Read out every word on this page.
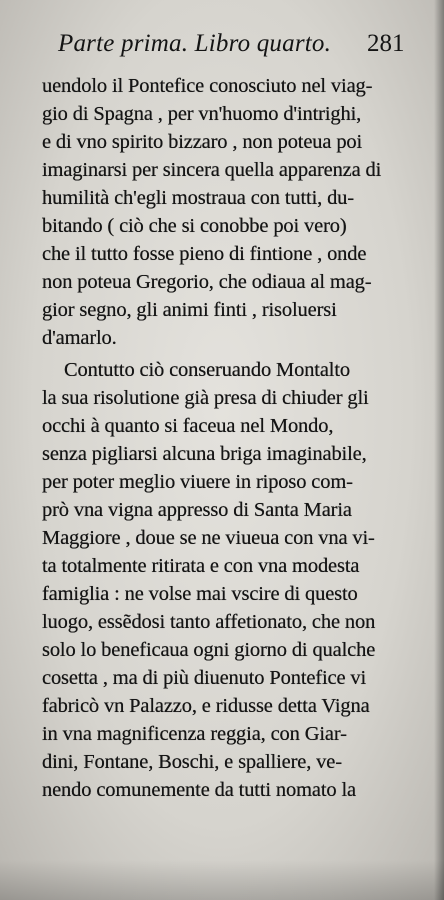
Parte prima. Libro quarto.	281
uendolo il Pontefice conosciuto nel viag-
gio di Spagna , per vn'huomo d'intrighi,
e di vno spirito bizzaro , non poteua poi
imaginarsi per sincera quella apparenza di
humilità ch'egli mostraua con tutti, du-
bitando ( ciò che si conobbe poi vero)
che il tutto fosse pieno di fintione , onde
non poteua Gregorio, che odiaua al mag-
gior segno, gli animi finti , risoluersi
d'amarlo.
Contutto ciò conseruando Montalto
la sua risolutione già presa di chiuder gli
occhi à quanto si faceua nel Mondo,
senza pigliarsi alcuna briga imaginabile,
per poter meglio viuere in riposo com-
prò vna vigna appresso di Santa Maria
Maggiore , doue se ne viueua con vna vi-
ta totalmente ritirata e con vna modesta
famiglia : ne volse mai vscire di questo
luogo, essẽdosi tanto affetionato, che non
solo lo beneficaua ogni giorno di qualche
cosetta , ma di più diuenuto Pontefice vi
fabricò vn Palazzo, e ridusse detta Vigna
in vna magnificenza reggia, con Giar-
dini, Fontane, Boschi, e spalliere, ve-
nendo comunemente da tutti nomato la
